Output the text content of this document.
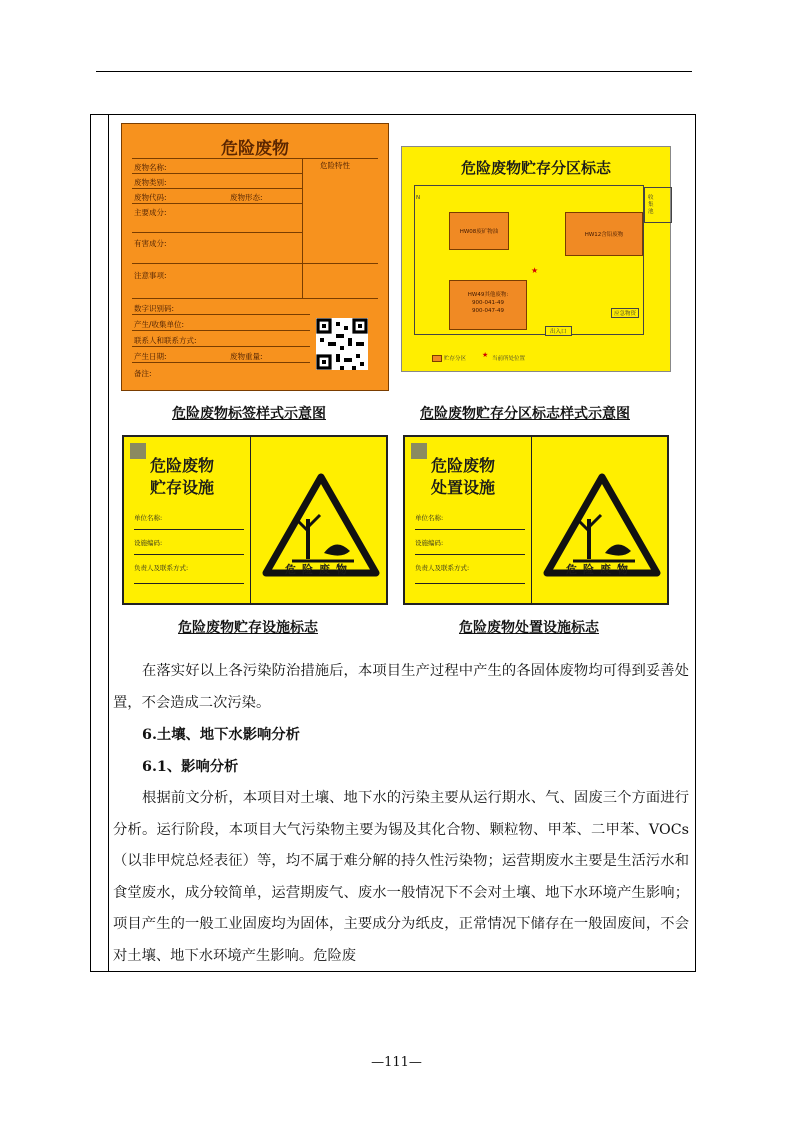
危险废物
废物名称:	危险特性
废物类别:
废物代码:	废物形态:
主要成分:
有害成分:
注意事项:
数字识别码:
产生/收集单位:
联系人和联系方式:
产生日期:	废物重量:
备注:
危险废物贮存分区标志
N
HW08废矿物油	HW12含铅废物
HW49其他废物:
900-041-49
900-047-49
★
应急物资
出入口
收集池
贮存分区 ★ 当前所处位置
危险废物标签样式示意图	危险废物贮存分区标志样式示意图
危险废物
贮存设施
单位名称:
设施编码:
负责人及联系方式:	危险废物
危险废物
处置设施
单位名称:
设施编码:
负责人及联系方式:	危险废物
危险废物贮存设施标志	危险废物处置设施标志

在落实好以上各污染防治措施后，本项目生产过程中产生的各固体废物均可得到妥善处置，不会造成二次污染。

6.土壤、地下水影响分析
6.1、影响分析

根据前文分析，本项目对土壤、地下水的污染主要从运行期水、气、固废三个方面进行分析。运行阶段，本项目大气污染物主要为锡及其化合物、颗粒物、甲苯、二甲苯、VOCs（以非甲烷总烃表征）等，均不属于难分解的持久性污染物；运营期废水主要是生活污水和食堂废水，成分较简单，运营期废气、废水一般情况下不会对土壤、地下水环境产生影响；项目产生的一般工业固废均为固体，主要成分为纸皮，正常情况下储存在一般固废间，不会对土壤、地下水环境产生影响。危险废

—111—
